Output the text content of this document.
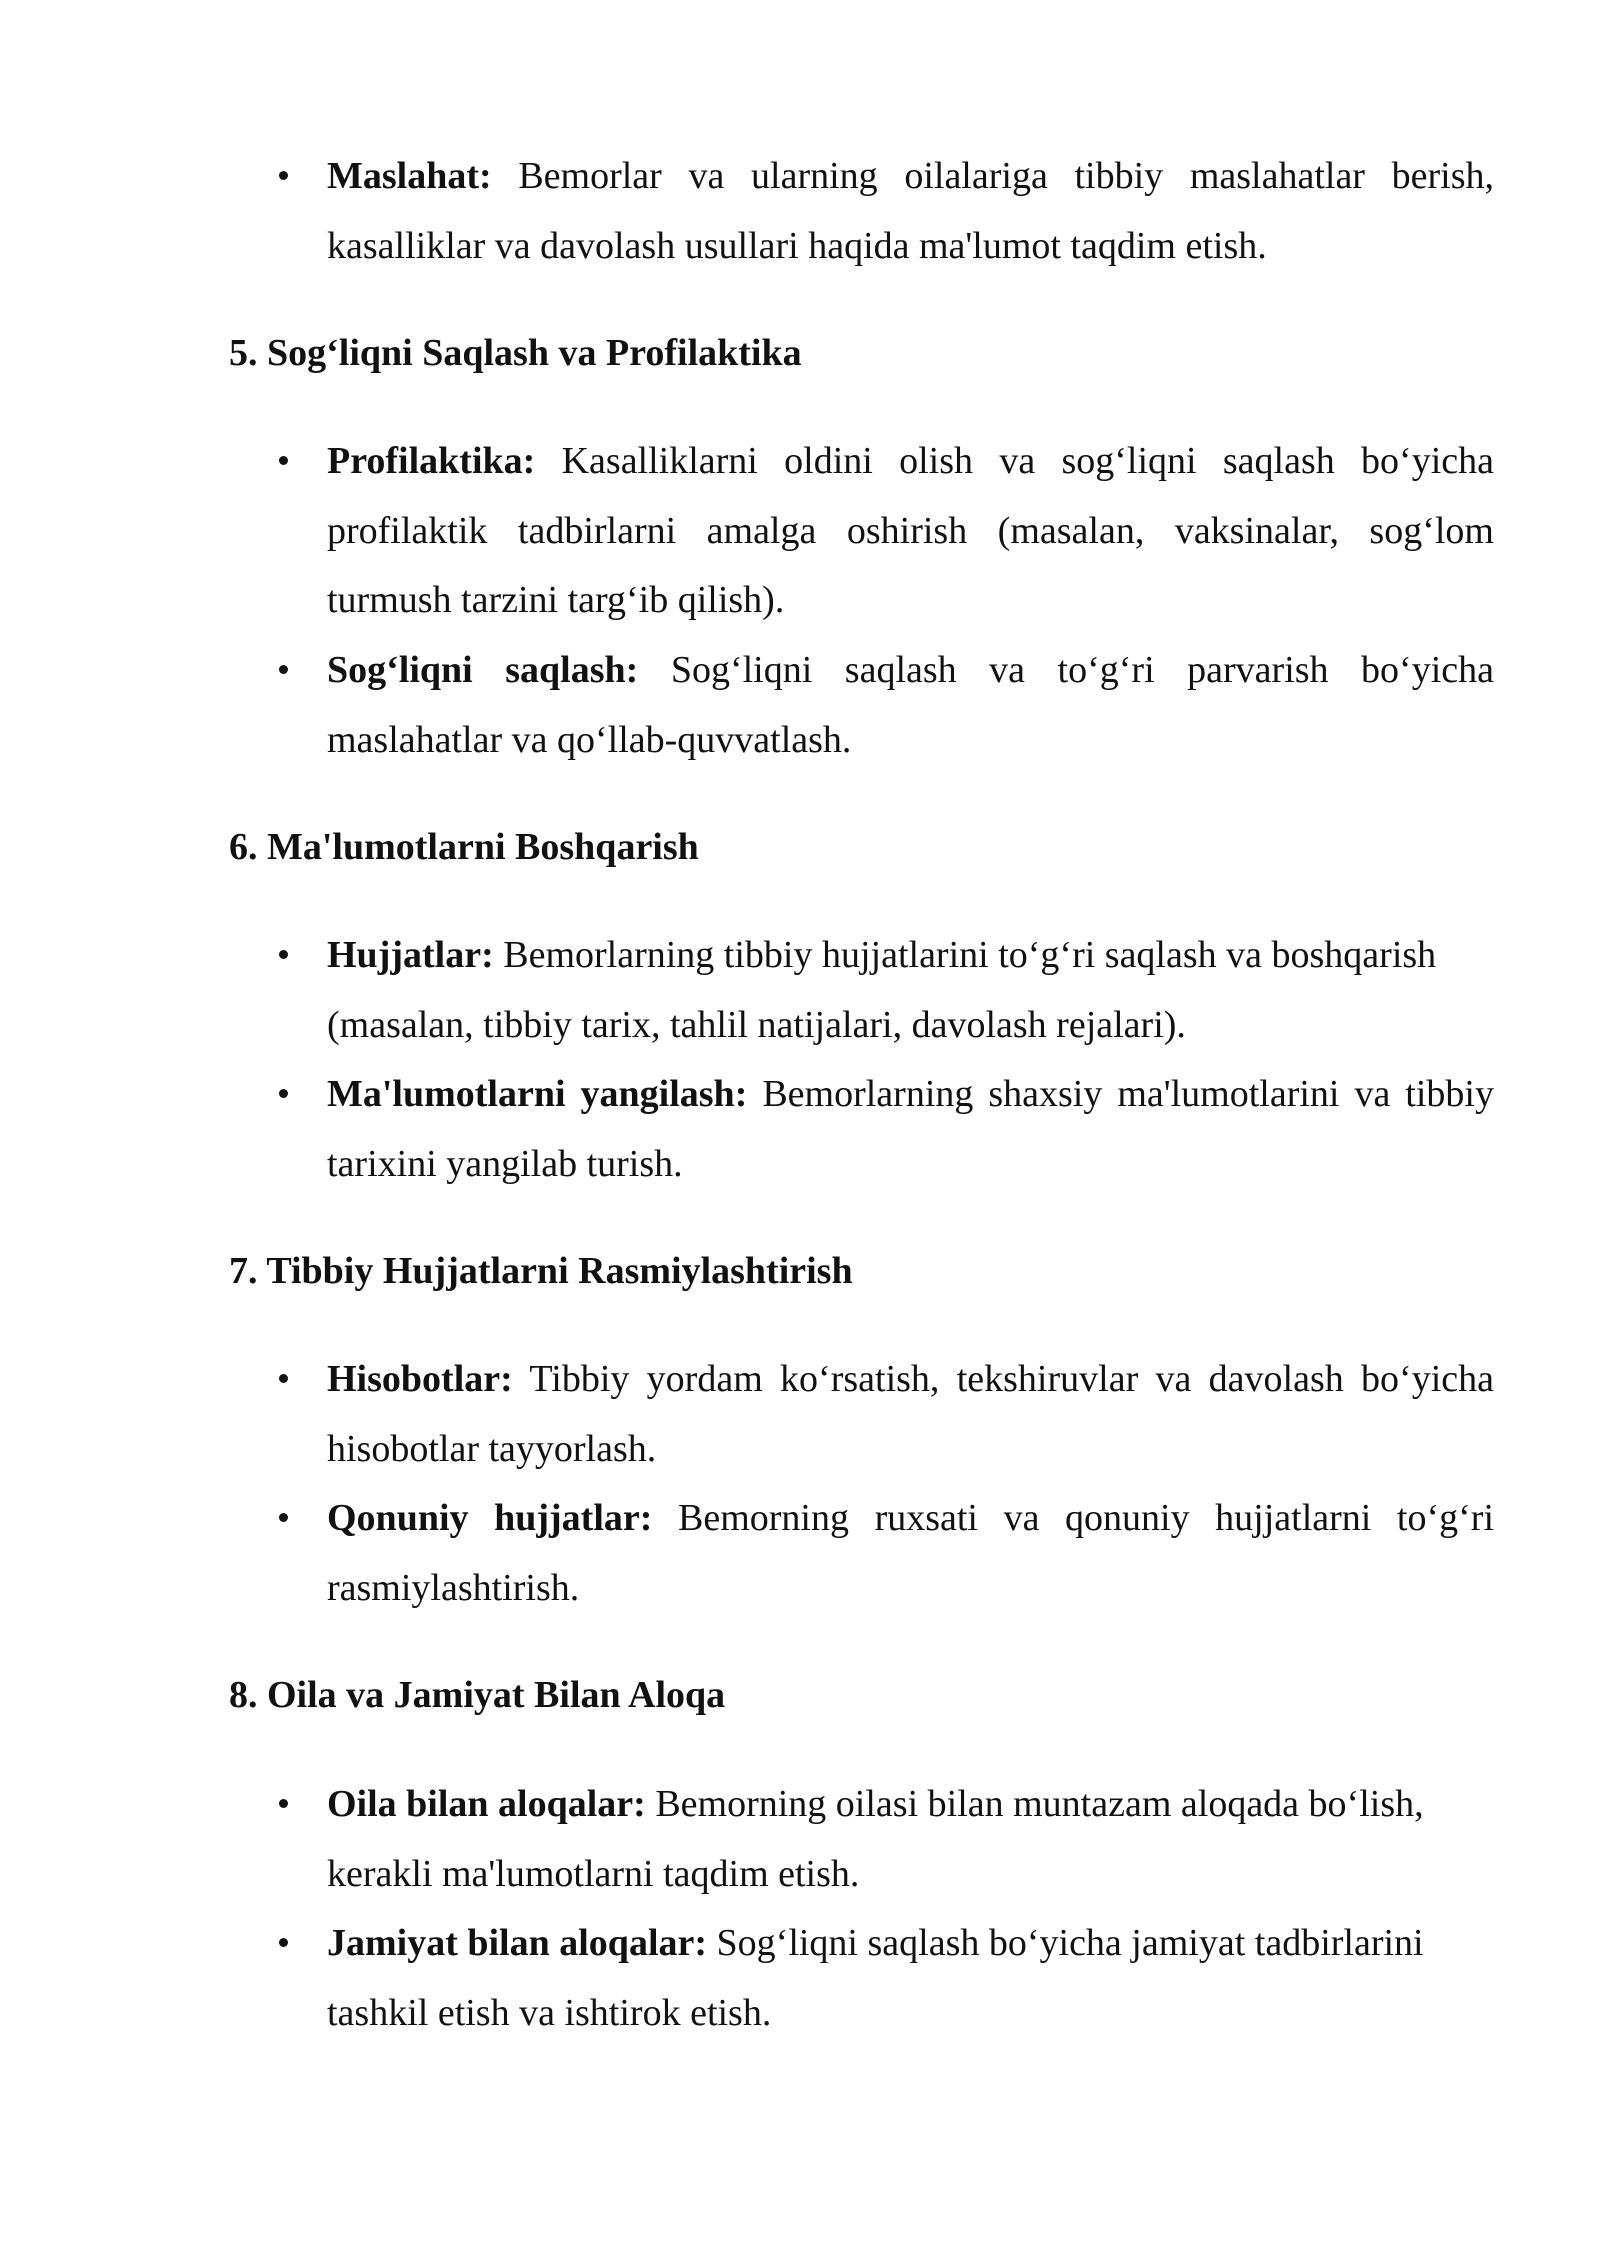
Maslahat: Bemorlar va ularning oilalariga tibbiy maslahatlar berish, kasalliklar va davolash usullari haqida ma'lumot taqdim etish.

5. Sog‘liqni Saqlash va Profilaktika

Profilaktika: Kasalliklarni oldini olish va sog‘liqni saqlash bo‘yicha profilaktik tadbirlarni amalga oshirish (masalan, vaksinalar, sog‘lom turmush tarzini targ‘ib qilish).

Sog‘liqni saqlash: Sog‘liqni saqlash va to‘g‘ri parvarish bo‘yicha maslahatlar va qo‘llab-quvvatlash.

6. Ma'lumotlarni Boshqarish

Hujjatlar: Bemorlarning tibbiy hujjatlarini to‘g‘ri saqlash va boshqarish (masalan, tibbiy tarix, tahlil natijalari, davolash rejalari).

Ma'lumotlarni yangilash: Bemorlarning shaxsiy ma'lumotlarini va tibbiy tarixini yangilab turish.

7. Tibbiy Hujjatlarni Rasmiylashtirish

Hisobotlar: Tibbiy yordam ko‘rsatish, tekshiruvlar va davolash bo‘yicha hisobotlar tayyorlash.

Qonuniy hujjatlar: Bemorning ruxsati va qonuniy hujjatlarni to‘g‘ri rasmiylashtirish.

8. Oila va Jamiyat Bilan Aloqa

Oila bilan aloqalar: Bemorning oilasi bilan muntazam aloqada bo‘lish, kerakli ma'lumotlarni taqdim etish.

Jamiyat bilan aloqalar: Sog‘liqni saqlash bo‘yicha jamiyat tadbirlarini tashkil etish va ishtirok etish.
